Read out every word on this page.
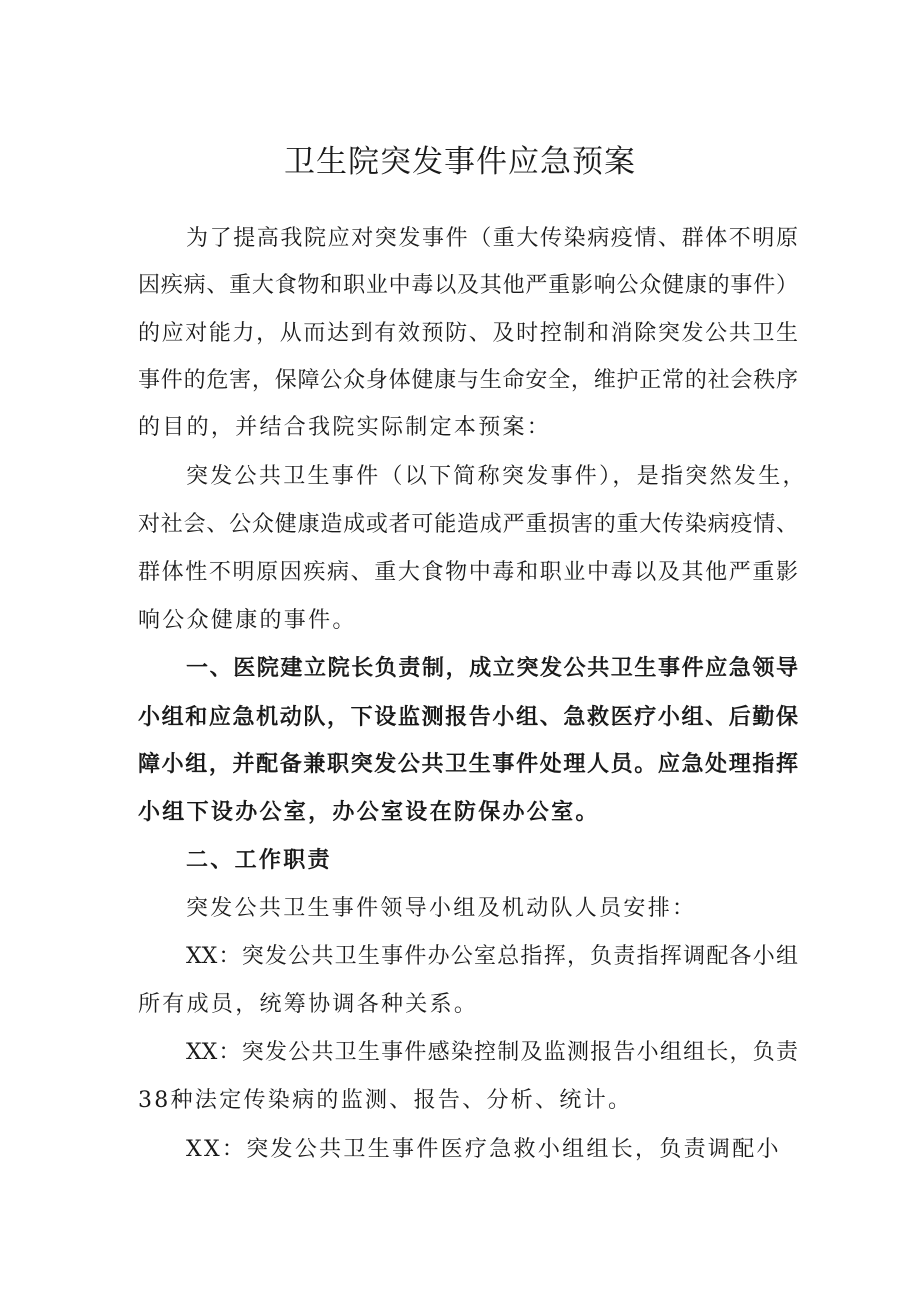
卫生院突发事件应急预案

为了提高我院应对突发事件（重大传染病疫情、群体不明原

因疾病、重大食物和职业中毒以及其他严重影响公众健康的事件）

的应对能力，从而达到有效预防、及时控制和消除突发公共卫生

事件的危害，保障公众身体健康与生命安全，维护正常的社会秩序

的目的，并结合我院实际制定本预案：

突发公共卫生事件（以下简称突发事件），是指突然发生，

对社会、公众健康造成或者可能造成严重损害的重大传染病疫情、

群体性不明原因疾病、重大食物中毒和职业中毒以及其他严重影

响公众健康的事件。

一、医院建立院长负责制，成立突发公共卫生事件应急领导

小组和应急机动队，下设监测报告小组、急救医疗小组、后勤保

障小组，并配备兼职突发公共卫生事件处理人员。应急处理指挥

小组下设办公室，办公室设在防保办公室。

二、工作职责

突发公共卫生事件领导小组及机动队人员安排：

XX：突发公共卫生事件办公室总指挥，负责指挥调配各小组

所有成员，统筹协调各种关系。

XX：突发公共卫生事件感染控制及监测报告小组组长，负责

38种法定传染病的监测、报告、分析、统计。

XX：突发公共卫生事件医疗急救小组组长，负责调配小
